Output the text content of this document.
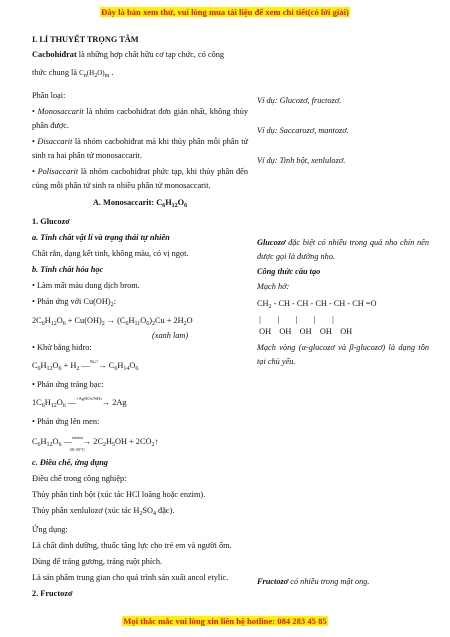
Đây là bản xem thử, vui lòng mua tài liệu để xem chi tiết(có lời giải)

I. LÍ THUYẾT TRỌNG TÂM

Cacbohiđrat là những hợp chất hữu cơ tạp chức, có công

thức chung là Cn(H2O)m .

Phân loại:

• Monosaccarit là nhóm cacbohiđrat đơn giản nhất, không thủy phân được.

• Đisaccarit là nhóm cacbohiđrat mà khi thủy phân mỗi phân tử sinh ra hai phân tử monosaccarit.

• Polisaccarit là nhóm cacbohiđrat phức tạp, khi thủy phân đến cùng mỗi phân tử sinh ra nhiều phân tử monosaccarit.

A. Monosaccarit: $C_6H_{12}O_6$

1. Glucozơ

a. Tính chất vật lí và trạng thái tự nhiên

Chất rắn, dạng kết tinh, không màu, có vị ngọt.

b. Tính chất hóa học

• Làm mất màu dung dịch brom.

• Phản ứng với $Cu(OH)_2$:

$2C_6H_{12}O_6 + Cu(OH)_2 \to (C_6H_{11}O_6)_2Cu + 2H_2O$

(xanh lam)

• Khử bằng hiđro:

$C_6H_{12}O_6 + H_2$ —$^{Ni,t^\circ}$→ $C_6H_{14}O_6$

• Phản ứng tráng bạc:

$1C_6H_{12}O_6$ —$^{+AgNO3/NH3}$→ 2Ag

• Phản ứng lên men:

$C_6H_{12}O_6$ —$^{enzim}$
30-35°C
→ $2C_2H_5OH$ + $2CO_2↑$

c. Điều chế, ứng dụng

Điều chế trong công nghiệp:

Thủy phân tinh bột (xúc tác HCl loãng hoặc enzim).

Thủy phân xenlulozơ (xúc tác $H_2SO_4$ đặc).

Ứng dụng:

Là chất dinh dưỡng, thuốc tăng lực cho trẻ em và người ốm.

Dùng để tráng gương, tráng ruột phích.

Là sản phẩm trung gian cho quá trình sản xuất ancol etylic.

2. Fructozơ

Ví dụ: Glucozơ, fructozơ.
Ví dụ: Saccarozơ, mantozơ.
Ví dụ: Tinh bột, xenlulozơ.

Glucozơ đặc biệt có nhiều trong quả nho chín nên được gọi là đường nho.

Công thức cấu tạo

Mạch hở:

$CH_2$ - CH - CH - CH - CH - CH =O

|        |        |        |        |

OH    OH    OH    OH    OH

Mạch vòng (α-glucozơ và β-glucozơ) là dạng tồn tại chủ yếu.

Fructozơ có nhiều trong mật ong.

Mọi thắc mắc vui lòng xin liên hệ hotline: 084 283 45 85
